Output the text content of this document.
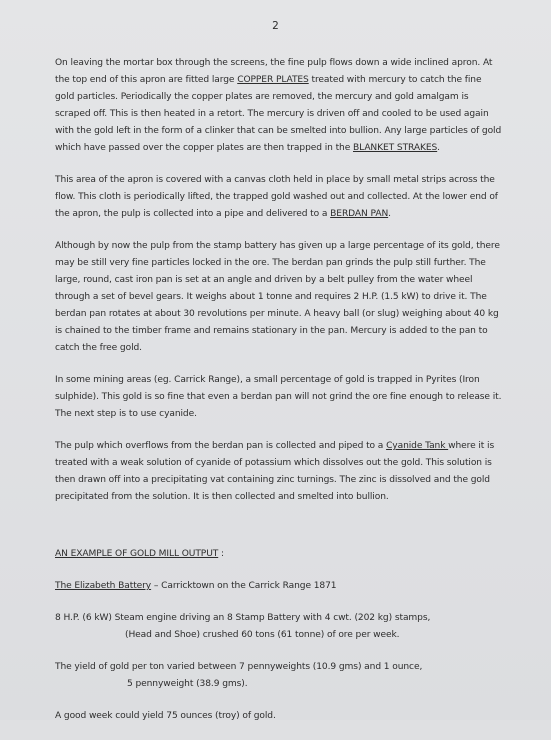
2

On leaving the mortar box through the screens, the fine pulp flows down a wide inclined apron. At the top end of this apron are fitted large COPPER PLATES treated with mercury to catch the fine gold particles. Periodically the copper plates are removed, the mercury and gold amalgam is scraped off. This is then heated in a retort. The mercury is driven off and cooled to be used again with the gold left in the form of a clinker that can be smelted into bullion. Any large particles of gold which have passed over the copper plates are then trapped in the BLANKET STRAKES.

This area of the apron is covered with a canvas cloth held in place by small metal strips across the flow. This cloth is periodically lifted, the trapped gold washed out and collected. At the lower end of the apron, the pulp is collected into a pipe and delivered to a BERDAN PAN.

Although by now the pulp from the stamp battery has given up a large percentage of its gold, there may be still very fine particles locked in the ore. The berdan pan grinds the pulp still further. The large, round, cast iron pan is set at an angle and driven by a belt pulley from the water wheel through a set of bevel gears. It weighs about 1 tonne and requires 2 H.P. (1.5 kW) to drive it. The berdan pan rotates at about 30 revolutions per minute. A heavy ball (or slug) weighing about 40 kg is chained to the timber frame and remains stationary in the pan. Mercury is added to the pan to catch the free gold.

In some mining areas (eg. Carrick Range), a small percentage of gold is trapped in Pyrites (Iron sulphide). This gold is so fine that even a berdan pan will not grind the ore fine enough to release it. The next step is to use cyanide.

The pulp which overflows from the berdan pan is collected and piped to a Cyanide Tank where it is treated with a weak solution of cyanide of potassium which dissolves out the gold. This solution is then drawn off into a precipitating vat containing zinc turnings. The zinc is dissolved and the gold precipitated from the solution. It is then collected and smelted into bullion.

AN EXAMPLE OF GOLD MILL OUTPUT :

The Elizabeth Battery – Carricktown on the Carrick Range 1871

8 H.P. (6 kW) Steam engine driving an 8 Stamp Battery with 4 cwt. (202 kg) stamps,
(Head and Shoe) crushed 60 tons (61 tonne) of ore per week.

The yield of gold per ton varied between 7 pennyweights (10.9 gms) and 1 ounce,
5 pennyweight (38.9 gms).

A good week could yield 75 ounces (troy) of gold.
